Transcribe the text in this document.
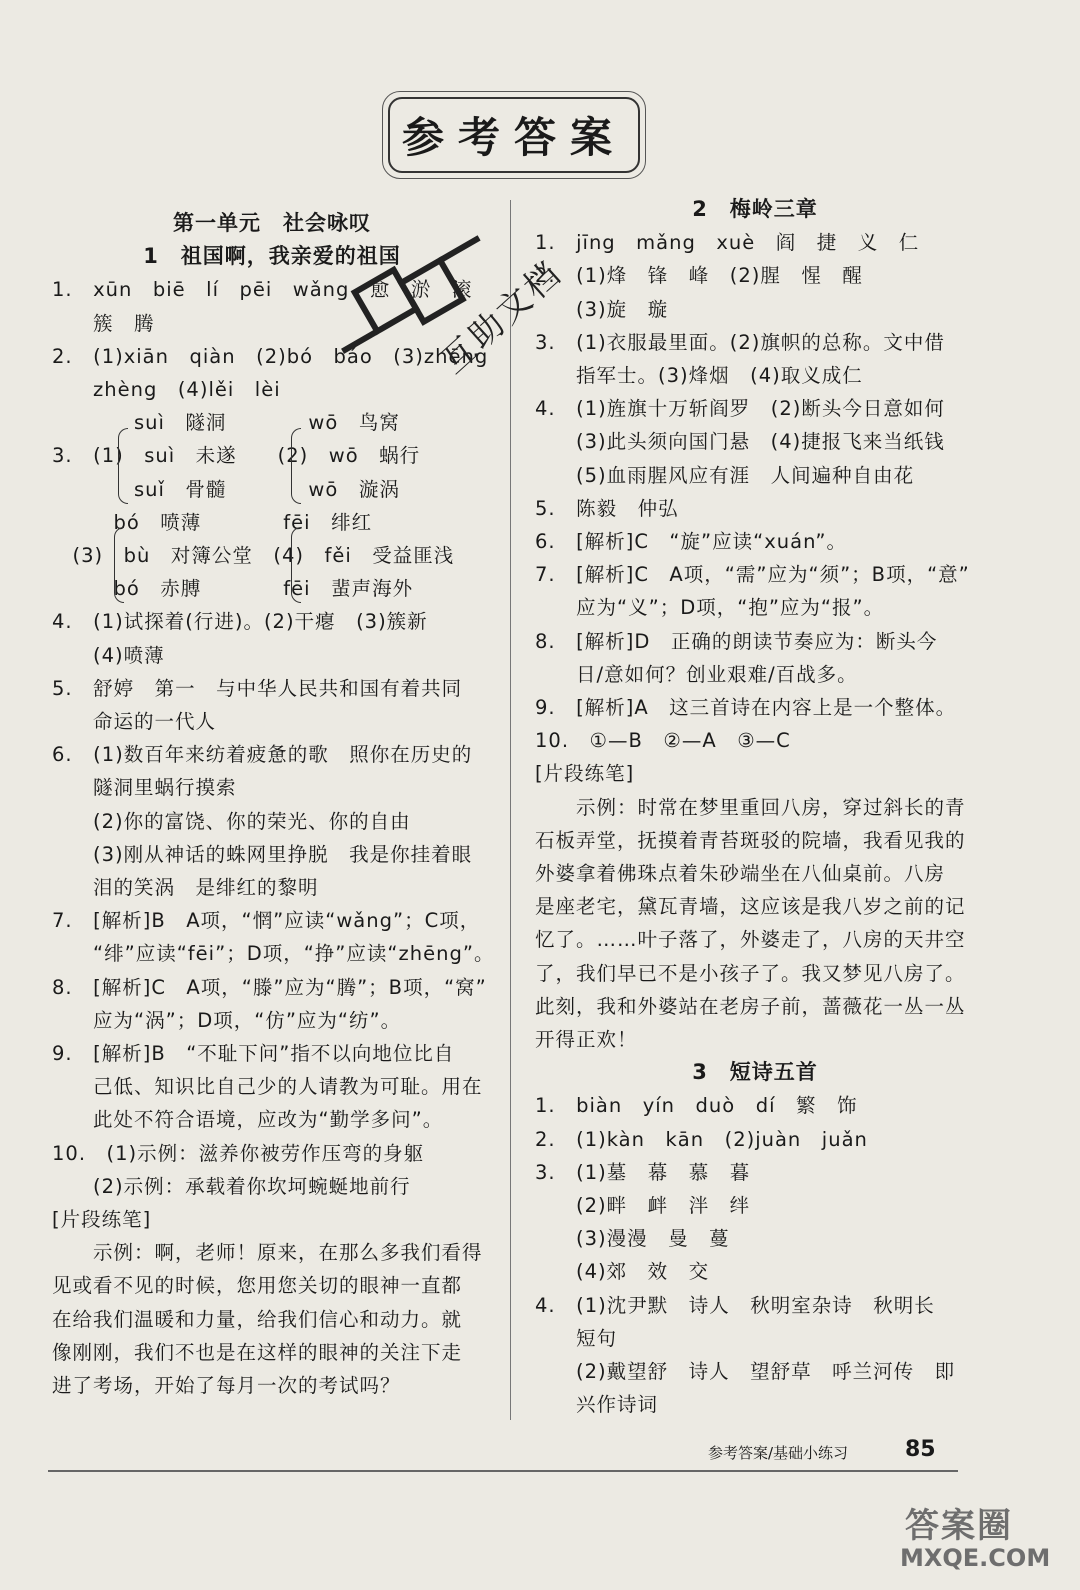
参考答案
第一单元　社会咏叹
1　祖国啊，我亲爱的祖国
1.　xūn　biē　lí　pēi　wǎng　愈　淤　滚
　　簇　腾
2.　(1)xiān　qiàn　(2)bó　báo　(3)zhēng
　　zhèng　(4)lěi　lèi
　　　　suì　隧洞　　　　wō　鸟窝
3.　(1)　suì　未遂　　(2)　wō　蜗行
　　　　suǐ　骨髓　　　　wō　漩涡
　　　bó　喷薄　　　　fēi　绯红
　(3)　bù　对簿公堂　(4)　fěi　受益匪浅
　　　bó　赤膊　　　　fēi　蜚声海外
4.　(1)试探着(行进)。(2)干瘪　(3)簇新
　　(4)喷薄
5.　舒婷　第一　与中华人民共和国有着共同
　　命运的一代人
6.　(1)数百年来纺着疲惫的歌　照你在历史的
　　隧洞里蜗行摸索
　　(2)你的富饶、你的荣光、你的自由
　　(3)刚从神话的蛛网里挣脱　我是你挂着眼
　　泪的笑涡　是绯红的黎明
7.　[解析]B　A项，“惘”应读“wǎng”；C项，
　　“绯”应读“fēi”；D项，“挣”应读“zhēng”。
8.　[解析]C　A项，“滕”应为“腾”；B项，“窝”
　　应为“涡”；D项，“仿”应为“纺”。
9.　[解析]B　“不耻下问”指不以向地位比自
　　己低、知识比自己少的人请教为可耻。用在
　　此处不符合语境，应改为“勤学多问”。
10.　(1)示例：滋养你被劳作压弯的身躯
　　(2)示例：承载着你坎坷蜿蜒地前行
[片段练笔]
　　示例：啊，老师！原来，在那么多我们看得
见或看不见的时候，您用您关切的眼神一直都
在给我们温暖和力量，给我们信心和动力。就
像刚刚，我们不也是在这样的眼神的关注下走
进了考场，开始了每月一次的考试吗？
2　梅岭三章
1.　jīng　mǎng　xuè　阎　捷　义　仁
2.　(1)烽　锋　峰　(2)腥　惺　醒
　　(3)旋　璇
3.　(1)衣服最里面。(2)旗帜的总称。文中借
　　指军士。(3)烽烟　(4)取义成仁
4.　(1)旌旗十万斩阎罗　(2)断头今日意如何
　　(3)此头须向国门悬　(4)捷报飞来当纸钱
　　(5)血雨腥风应有涯　人间遍种自由花
5.　陈毅　仲弘
6.　[解析]C　“旋”应读“xuán”。
7.　[解析]C　A项，“需”应为“须”；B项，“意”
　　应为“义”；D项，“抱”应为“报”。
8.　[解析]D　正确的朗读节奏应为：断头今
　　日/意如何？创业艰难/百战多。
9.　[解析]A　这三首诗在内容上是一个整体。
10.　①—B　②—A　③—C
[片段练笔]
　　示例：时常在梦里重回八房，穿过斜长的青
石板弄堂，抚摸着青苔斑驳的院墙，我看见我的
外婆拿着佛珠点着朱砂端坐在八仙桌前。八房
是座老宅，黛瓦青墙，这应该是我八岁之前的记
忆了。……叶子落了，外婆走了，八房的天井空
了，我们早已不是小孩子了。我又梦见八房了。
此刻，我和外婆站在老房子前，蔷薇花一丛一丛
开得正欢！
3　短诗五首
1.　biàn　yín　duò　dí　繁　饰
2.　(1)kàn　kān　(2)juàn　juǎn
3.　(1)墓　幕　慕　暮
　　(2)畔　衅　泮　绊
　　(3)漫漫　曼　蔓
　　(4)郊　效　交
4.　(1)沈尹默　诗人　秋明室杂诗　秋明长
　　短句
　　(2)戴望舒　诗人　望舒草　呼兰河传　即
　　兴作诗词
互助文档
参考答案/基础小练习	85
答案圈
MXQE.COM
